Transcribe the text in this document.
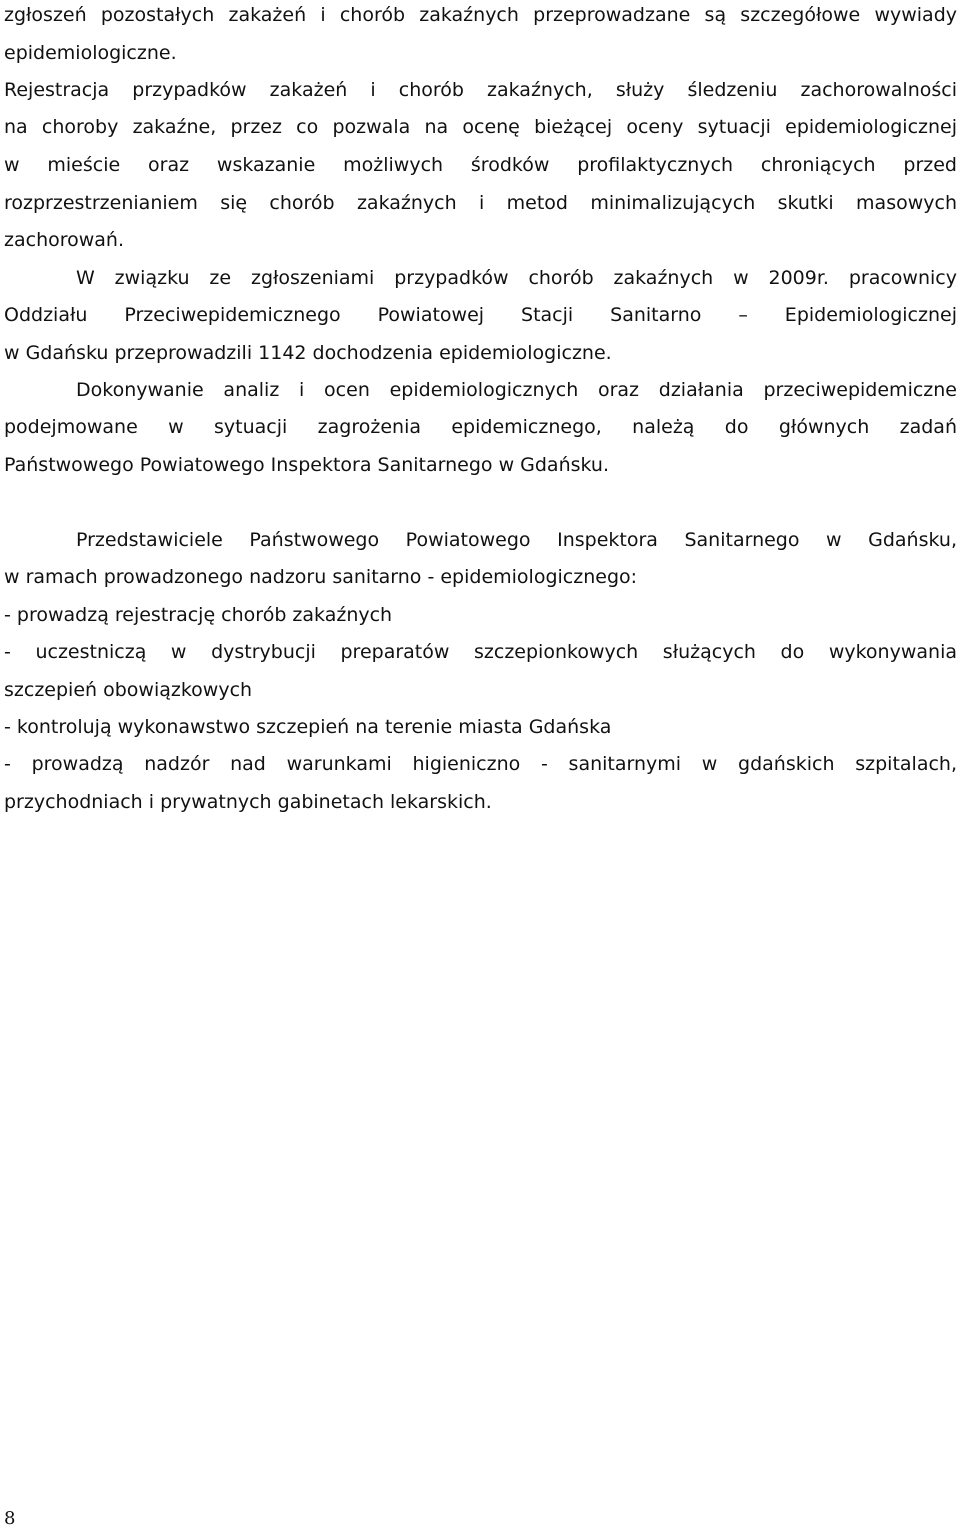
zgłoszeń pozostałych zakażeń i chorób zakaźnych przeprowadzane są szczegółowe wywiady
epidemiologiczne.
Rejestracja przypadków zakażeń i chorób zakaźnych, służy śledzeniu zachorowalności
na choroby zakaźne, przez co pozwala na ocenę bieżącej oceny sytuacji epidemiologicznej
w mieście oraz wskazanie możliwych środków profilaktycznych chroniących przed
rozprzestrzenianiem się chorób zakaźnych i metod minimalizujących skutki masowych
zachorowań.
W związku ze zgłoszeniami przypadków chorób zakaźnych w 2009r. pracownicy
Oddziału Przeciwepidemicznego Powiatowej Stacji Sanitarno – Epidemiologicznej
w Gdańsku przeprowadzili 1142 dochodzenia epidemiologiczne.
Dokonywanie analiz i ocen epidemiologicznych oraz działania przeciwepidemiczne
podejmowane w sytuacji zagrożenia epidemicznego, należą do głównych zadań
Państwowego Powiatowego Inspektora Sanitarnego w Gdańsku.
Przedstawiciele Państwowego Powiatowego Inspektora Sanitarnego w Gdańsku,
w ramach prowadzonego nadzoru sanitarno - epidemiologicznego:
- prowadzą rejestrację chorób zakaźnych
- uczestniczą w dystrybucji preparatów szczepionkowych służących do wykonywania
szczepień obowiązkowych
- kontrolują wykonawstwo szczepień na terenie miasta Gdańska
- prowadzą nadzór nad warunkami higieniczno - sanitarnymi w gdańskich szpitalach,
przychodniach i prywatnych gabinetach lekarskich.
8
